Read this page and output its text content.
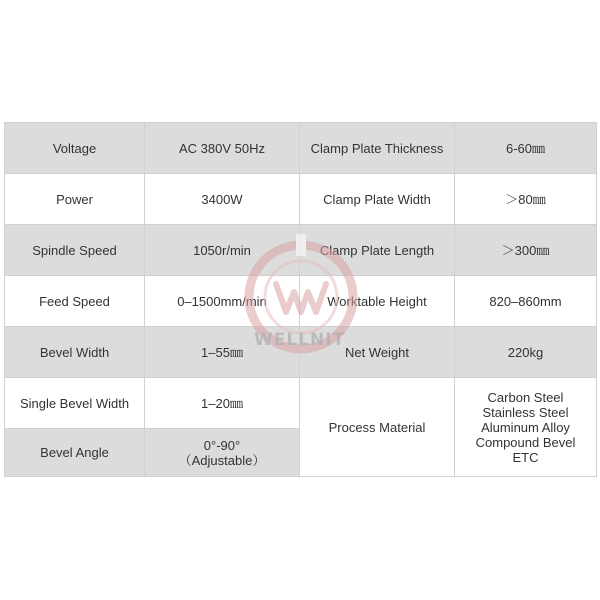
Voltage	AC 380V 50Hz	Clamp Plate Thickness	6-60㎜
Power	3400W	Clamp Plate Width	＞80㎜
Spindle Speed	1050r/min	Clamp Plate Length	＞300㎜
Feed Speed	0–1500mm/min	Worktable Height	820–860mm
Bevel Width	1–55㎜	Net Weight	220kg
Single Bevel Width	1–20㎜	Process Material	Carbon Steel
Stainless Steel
Aluminum Alloy
Compound Bevel
ETC

Bevel Angle	0°-90°
（Adjustable）		
WELLNIT
